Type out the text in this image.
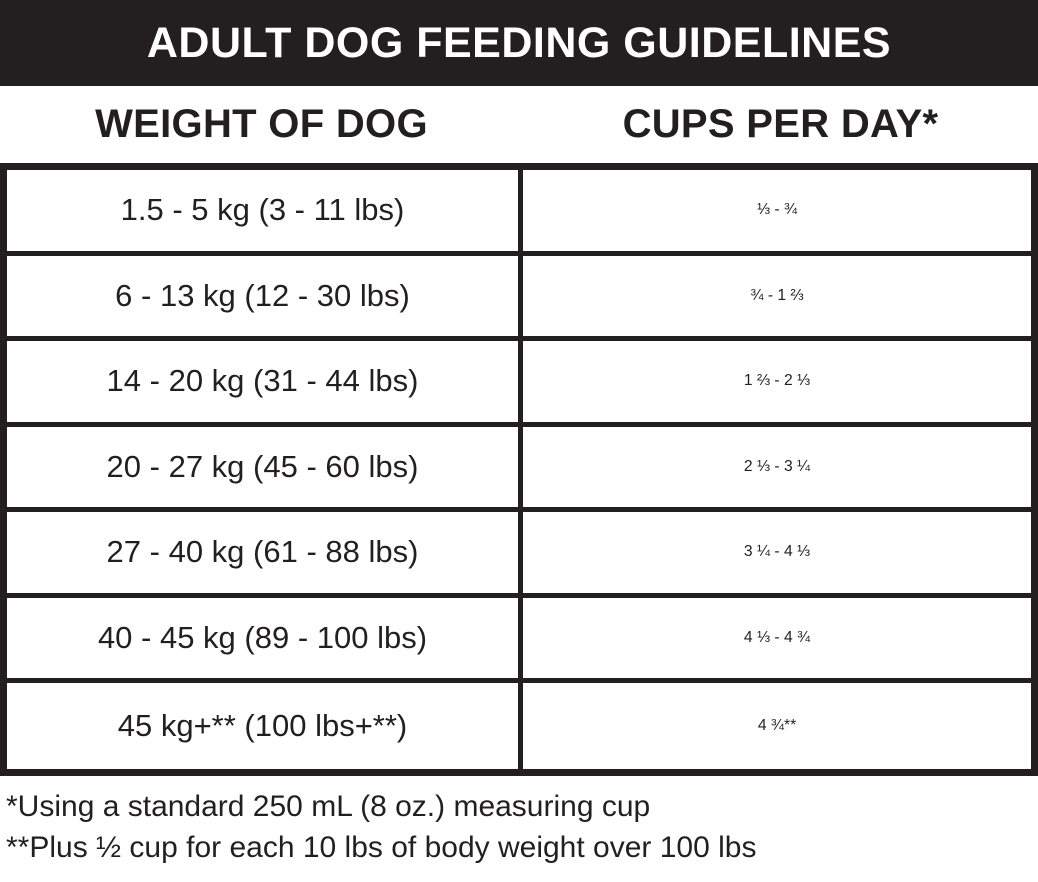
ADULT DOG FEEDING GUIDELINES
WEIGHT OF DOG	CUPS PER DAY*
1.5 - 5 kg (3 - 11 lbs)	⅓ - ¾
6 - 13 kg (12 - 30 lbs)	¾ - 1 ⅔
14 - 20 kg (31 - 44 lbs)	1 ⅔ - 2 ⅓
20 - 27 kg (45 - 60 lbs)	2 ⅓ - 3 ¼
27 - 40 kg (61 - 88 lbs)	3 ¼ - 4 ⅓
40 - 45 kg (89 - 100 lbs)	4 ⅓ - 4 ¾
45 kg+** (100 lbs+**)	4 ¾**
*Using a standard 250 mL (8 oz.) measuring cup
**Plus ½ cup for each 10 lbs of body weight over 100 lbs
